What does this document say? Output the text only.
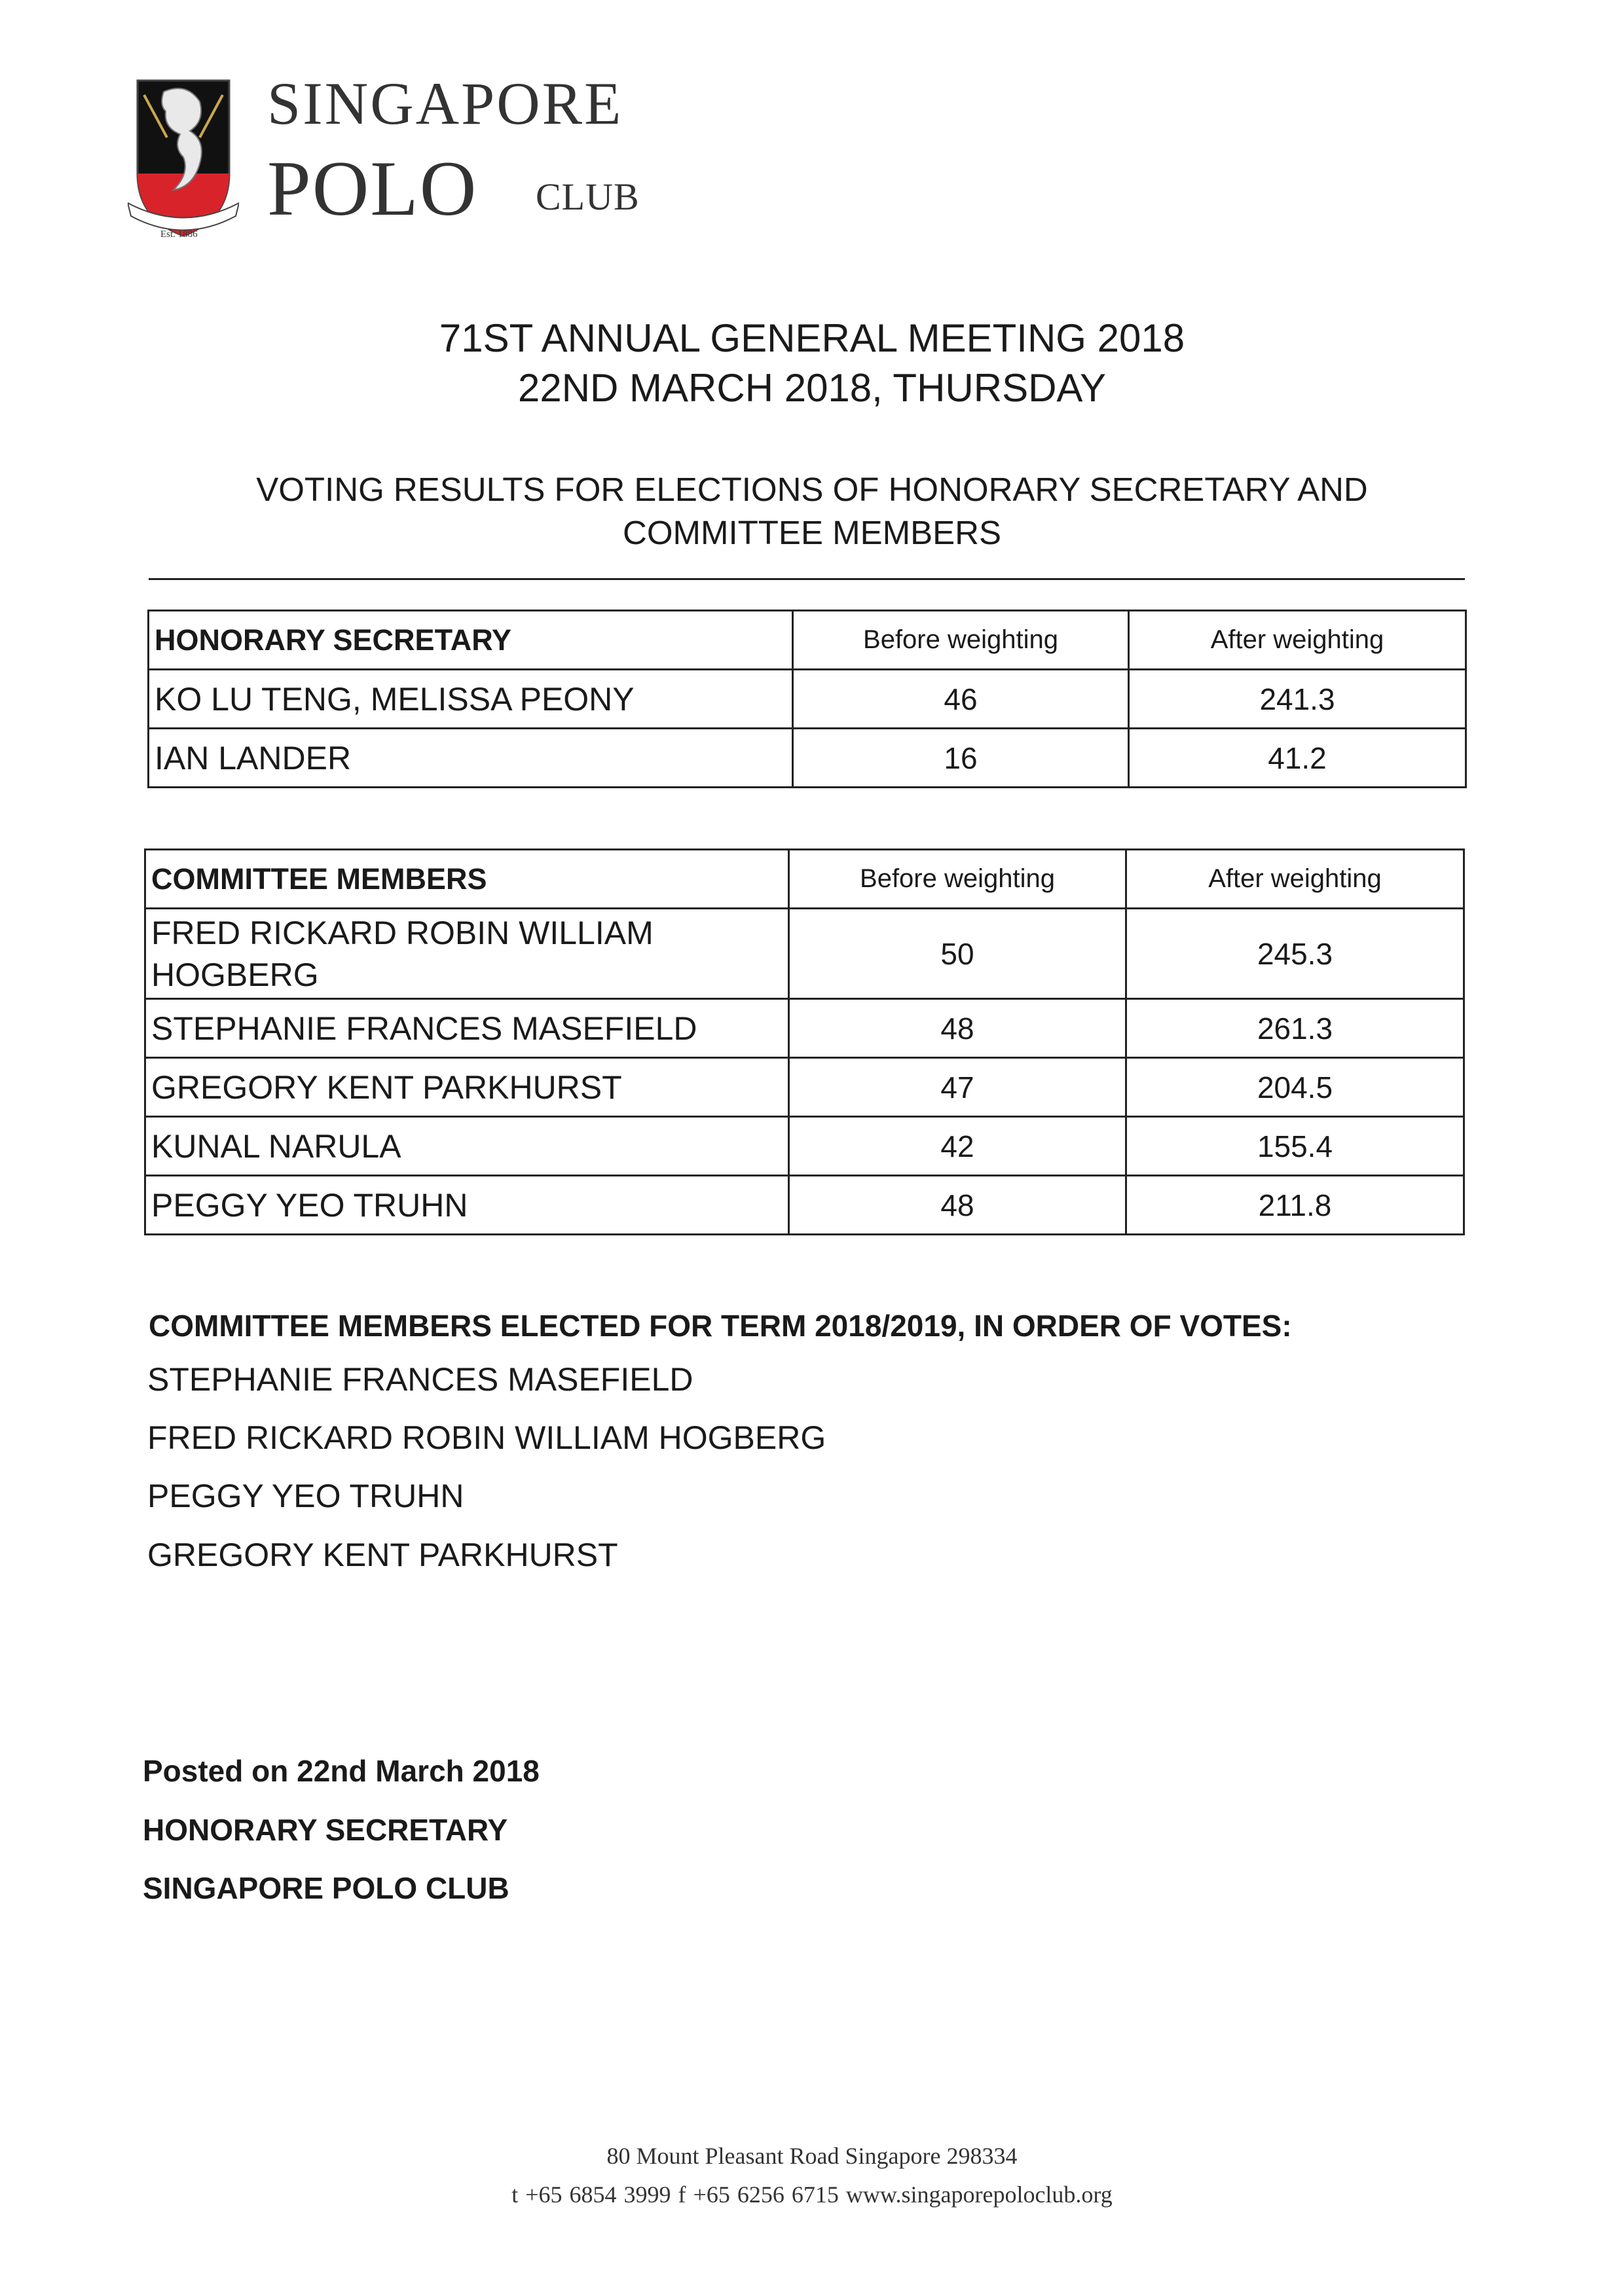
SINGAPORE
POLO CLUB
Est. 1886
71ST ANNUAL GENERAL MEETING 2018
22ND MARCH 2018, THURSDAY
VOTING RESULTS FOR ELECTIONS OF HONORARY SECRETARY AND
COMMITTEE MEMBERS
HONORARY SECRETARY	Before weighting	After weighting
KO LU TENG, MELISSA PEONY	46	241.3
IAN LANDER	16	41.2
COMMITTEE MEMBERS	Before weighting	After weighting
FRED RICKARD ROBIN WILLIAM
HOGBERG	50	245.3
STEPHANIE FRANCES MASEFIELD	48	261.3
GREGORY KENT PARKHURST	47	204.5
KUNAL NARULA	42	155.4
PEGGY YEO TRUHN	48	211.8
COMMITTEE MEMBERS ELECTED FOR TERM 2018/2019, IN ORDER OF VOTES:
STEPHANIE FRANCES MASEFIELD
FRED RICKARD ROBIN WILLIAM HOGBERG
PEGGY YEO TRUHN
GREGORY KENT PARKHURST
Posted on 22nd March 2018
HONORARY SECRETARY
SINGAPORE POLO CLUB
80 Mount Pleasant Road Singapore 298334
t +65 6854 3999 f +65 6256 6715 www.singaporepoloclub.org
